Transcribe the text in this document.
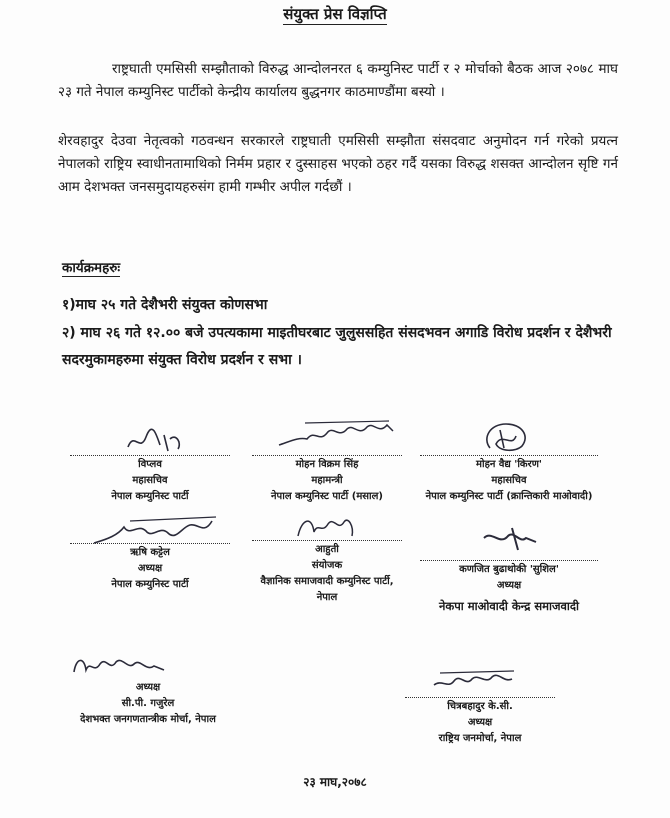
संयुक्त प्रेस विज्ञप्ति
राष्ट्रघाती एमसिसी सम्झौताको विरुद्ध आन्दोलनरत ६ कम्युनिस्ट पार्टी र २ मोर्चाको बैठक आज २०७८ माघ २३ गते नेपाल कम्युनिस्ट पार्टीको केन्द्रीय कार्यालय बुद्धनगर काठमाण्डौंमा बस्यो ।
शेरवहादुर देउवा नेतृत्वको गठवन्धन सरकारले राष्ट्रघाती एमसिसी सम्झौता संसदवाट अनुमोदन गर्न गरेको प्रयत्न नेपालको राष्ट्रिय स्वाधीनतामाथिको निर्मम प्रहार र दुस्साहस भएको ठहर गर्दै यसका विरुद्ध शसक्त आन्दोलन सृष्टि गर्न आम देशभक्त जनसमुदायहरुसंग हामी गम्भीर अपील गर्दछौं ।
कार्यक्रमहरुः
१)माघ २५ गते देशैभरी संयुक्त कोणसभा
२) माघ २६ गते १२.०० बजे उपत्यकामा माइतीघरबाट जुलुससहित संसदभवन अगाडि विरोध प्रदर्शन र देशैभरी सदरमुकामहरुमा संयुक्त विरोध प्रदर्शन र सभा ।
विप्लव
महासचिव
नेपाल कम्युनिस्ट पार्टी
मोहन विक्रम सिंह
महामन्त्री
नेपाल कम्युनिस्ट पार्टी (मसाल)
मोहन वैद्य 'किरण'
महासचिव
नेपाल कम्युनिस्ट पार्टी (क्रान्तिकारी माओवादी)
ऋषि कट्टेल
अध्यक्ष
नेपाल कम्युनिस्ट पार्टी
आहुती
संयोजक
वैज्ञानिक समाजवादी कम्युनिस्ट पार्टी, नेपाल
कणजित बुढाथोकी 'सुशिल'
अध्यक्ष
नेकपा माओवादी केन्द्र समाजवादी
अध्यक्ष
सी.पी. गजुरेल
देशभक्त जनगणतान्त्रीक मोर्चा, नेपाल
चित्रबहादुर के.सी.
अध्यक्ष
राष्ट्रिय जनमोर्चा, नेपाल
२३ माघ,२०७८
